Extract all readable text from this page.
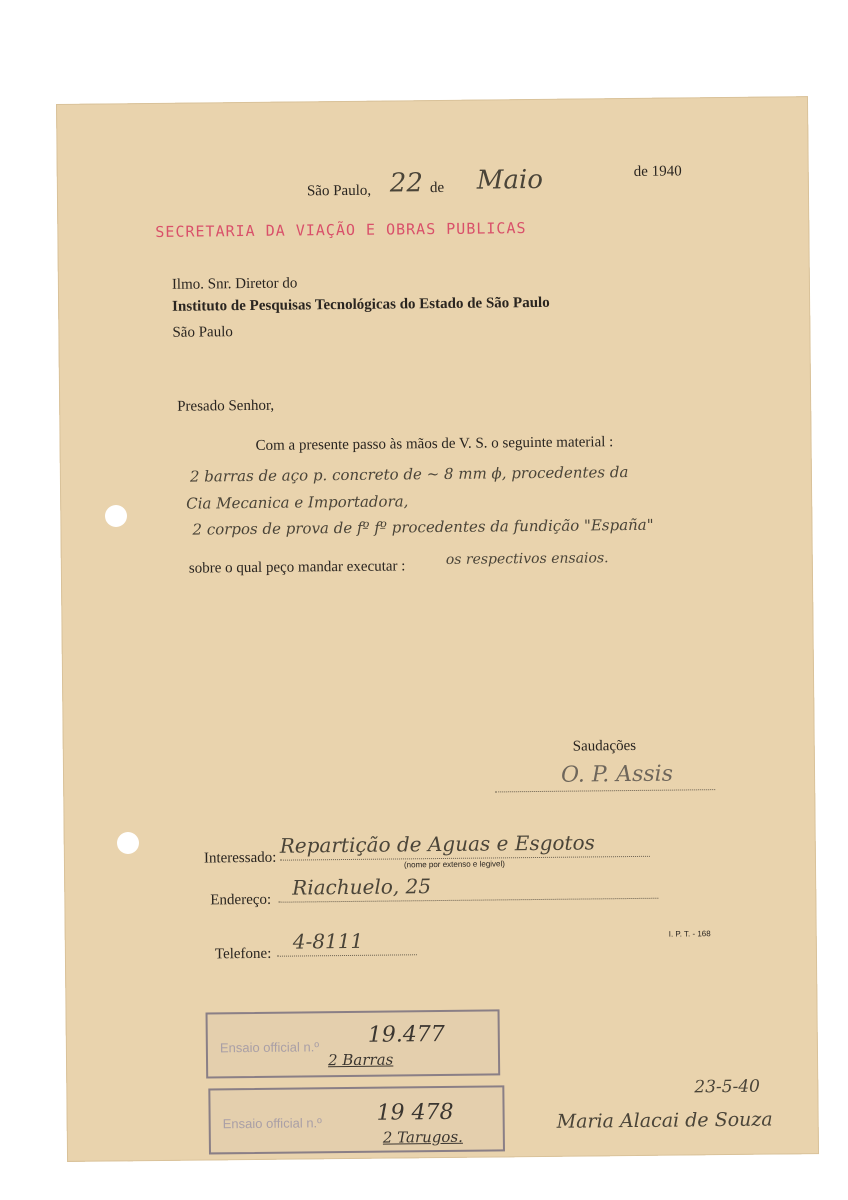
São Paulo, 22 de Maio	de 1940
SECRETARIA DA VIAÇÃO E OBRAS PUBLICAS
Ilmo. Snr. Diretor do
Instituto de Pesquisas Tecnológicas do Estado de São Paulo
São Paulo
Presado Senhor,
Com a presente passo às mãos de V. S. o seguinte material :
2 barras de aço p. concreto de ~ 8 mm ϕ, procedentes da
Cia Mecanica e Importadora,
2 corpos de prova de fº fº procedentes da fundição "España"
sobre o qual peço mandar executar :	os respectivos ensaios.
Saudações
O. P. Assis
Interessado:
Repartição de Aguas e Esgotos
(nome por extenso e legivel)
Endereço:
Riachuelo, 25
Telefone:
4-8111	I. P. T. - 168
Ensaio official n.º 19.477
2 Barras
Ensaio official n.º 19 478
2 Tarugos.
23-5-40
Maria Alacai de Souza
